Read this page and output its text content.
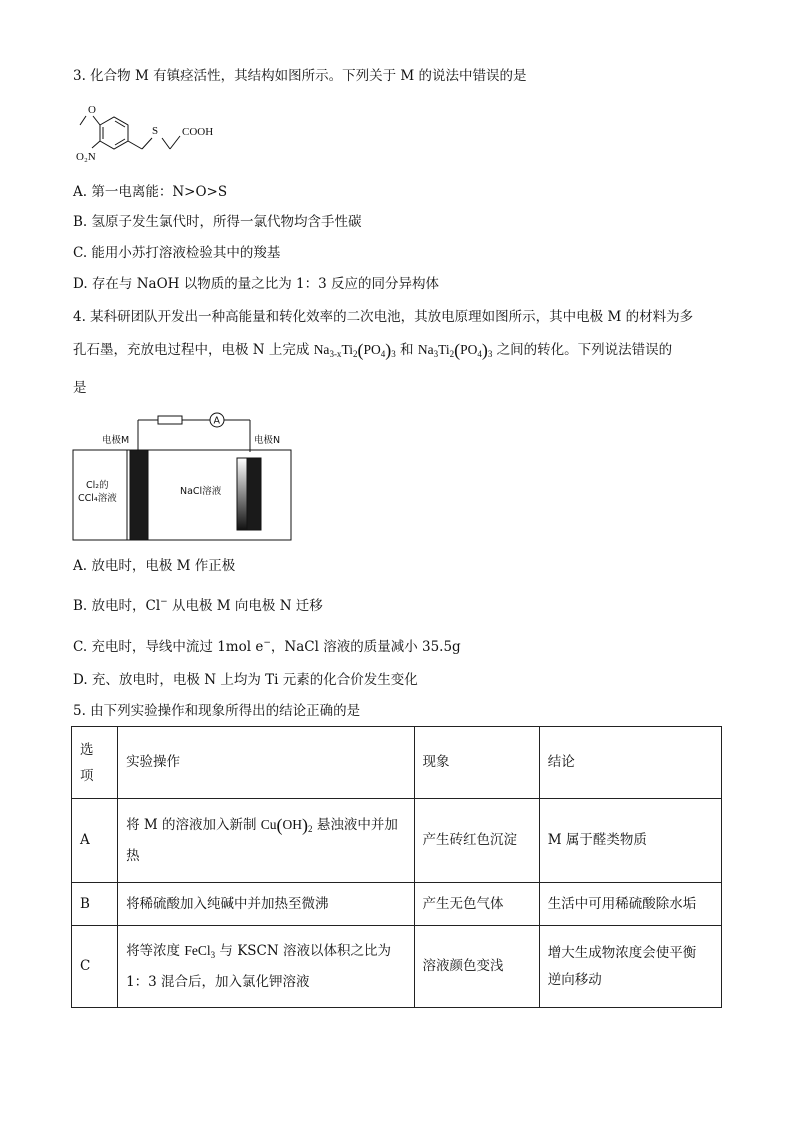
3. 化合物 M 有镇痉活性，其结构如图所示。下列关于 M 的说法中错误的是
O
O₂N
S COOH
A. 第一电离能：N>O>S
B. 氢原子发生氯代时，所得一氯代物均含手性碳
C. 能用小苏打溶液检验其中的羧基
D. 存在与 NaOH 以物质的量之比为 1：3 反应的同分异构体
4. 某科研团队开发出一种高能量和转化效率的二次电池，其放电原理如图所示，其中电极 M 的材料为多
孔石墨，充放电过程中，电极 N 上完成 $Na_{3-x}Ti_2(PO_4)_3$ 和 $Na_3Ti_2(PO_4)_3$ 之间的转化。下列说法错误的
是
A
电极M	电极N
Cl₂的
CCl₄溶液
NaCl溶液
A. 放电时，电极 M 作正极
B. 放电时，Cl− 从电极 M 向电极 N 迁移
C. 充电时，导线中流过 1mol e−，NaCl 溶液的质量减小 35.5g
D. 充、放电时，电极 N 上均为 Ti 元素的化合价发生变化
5. 由下列实验操作和现象所得出的结论正确的是
选
项	实验操作	现象	结论
A	将 M 的溶液加入新制 $Cu(OH)_2$ 悬浊液中并加
热	产生砖红色沉淀	M 属于醛类物质
B	将稀硫酸加入纯碱中并加热至微沸	产生无色气体	生活中可用稀硫酸除水垢
C	将等浓度 FeCl$_3$ 与 KSCN 溶液以体积之比为
1：3 混合后，加入氯化钾溶液	溶液颜色变浅	增大生成物浓度会使平衡
逆向移动
